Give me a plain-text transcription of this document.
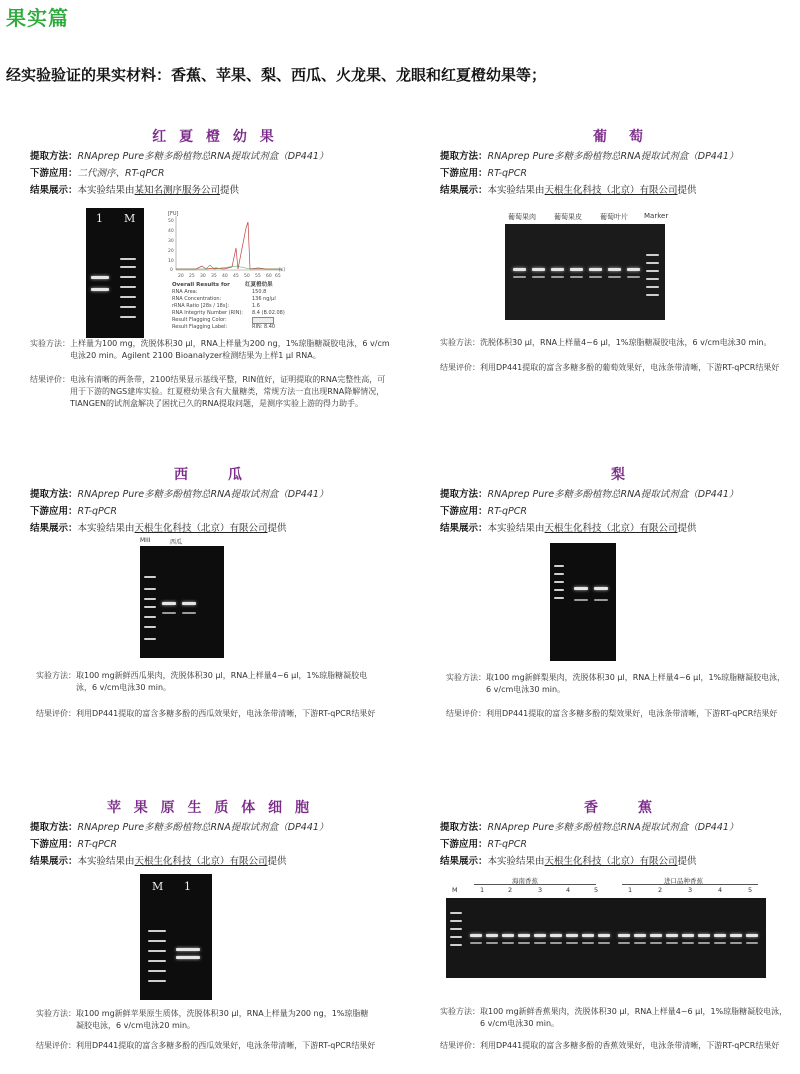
果实篇
经实验验证的果实材料：香蕉、苹果、梨、西瓜、火龙果、龙眼和红夏橙幼果等；
红 夏 橙 幼 果
提取方法：RNAprep Pure多糖多酚植物总RNA提取试剂盒（DP441）
下游应用：二代测序、RT-qPCR
结果展示：本实验结果由某知名测序服务公司提供
1 M	[FU]
50
40
30
20
10
0
20 25 30 35 40 45 50 55 60 65
[s]
Overall Results for	红夏橙幼果
RNA Area:	150.8
RNA Concentration:	136 ng/μl
rRNA Ratio [28s / 18s]:	1.6
RNA Integrity Number (RIN): 8.4 (B.02.08)
Result Flagging Color:
Result Flagging Label:	RIN: 8.40
实验方法： 上样量为100 mg，洗脱体积30 μl，RNA上样量为200 ng，1%琼脂糖凝胶电泳，6 v/cm电泳20 min。Agilent 2100 Bioanalyzer检测结果为上样1 μl RNA。
结果评价： 电泳有清晰的两条带，2100结果显示基线平整，RIN值好，证明提取的RNA完整性高，可用于下游的NGS建库实验。红夏橙幼果含有大量糖类，常规方法一直出现RNA降解情况，TIANGEN的试剂盒解决了困扰已久的RNA提取问题，是测序实验上游的得力助手。
葡　萄
提取方法：RNAprep Pure多糖多酚植物总RNA提取试剂盒（DP441）
下游应用：RT-qPCR
结果展示：本实验结果由天根生化科技（北京）有限公司提供
葡萄果肉	葡萄果皮	葡萄叶片 Marker
实验方法： 洗脱体积30 μl，RNA上样量4~6 μl，1%琼脂糖凝胶电泳，6 v/cm电泳30 min。
结果评价： 利用DP441提取的富含多糖多酚的葡萄效果好，电泳条带清晰，下游RT-qPCR结果好
西　　瓜
提取方法：RNAprep Pure多糖多酚植物总RNA提取试剂盒（DP441）
下游应用：RT-qPCR
结果展示：本实验结果由天根生化科技（北京）有限公司提供
MIII	西瓜
实验方法： 取100 mg新鲜西瓜果肉，洗脱体积30 μl，RNA上样量4~6 μl，1%琼脂糖凝胶电泳，6 v/cm电泳30 min。
结果评价： 利用DP441提取的富含多糖多酚的西瓜效果好，电泳条带清晰，下游RT-qPCR结果好
梨
提取方法：RNAprep Pure多糖多酚植物总RNA提取试剂盒（DP441）
下游应用：RT-qPCR
结果展示：本实验结果由天根生化科技（北京）有限公司提供
实验方法： 取100 mg新鲜梨果肉，洗脱体积30 μl，RNA上样量4~6 μl，1%琼脂糖凝胶电泳，6 v/cm电泳30 min。
结果评价： 利用DP441提取的富含多糖多酚的梨效果好，电泳条带清晰，下游RT-qPCR结果好
苹 果 原 生 质 体 细 胞
提取方法：RNAprep Pure多糖多酚植物总RNA提取试剂盒（DP441）
下游应用：RT-qPCR
结果展示：本实验结果由天根生化科技（北京）有限公司提供
M 1
实验方法： 取100 mg新鲜苹果原生质体，洗脱体积30 μl，RNA上样量为200 ng，1%琼脂糖凝胶电泳，6 v/cm电泳20 min。
结果评价： 利用DP441提取的富含多糖多酚的西瓜效果好，电泳条带清晰，下游RT-qPCR结果好
香　　蕉
提取方法：RNAprep Pure多糖多酚植物总RNA提取试剂盒（DP441）
下游应用：RT-qPCR
结果展示：本实验结果由天根生化科技（北京）有限公司提供
海南香蕉	进口品种香蕉
M	1	2	3	4	5	1	2	3	4	5
实验方法： 取100 mg新鲜香蕉果肉，洗脱体积30 μl，RNA上样量4~6 μl，1%琼脂糖凝胶电泳，6 v/cm电泳30 min。
结果评价： 利用DP441提取的富含多糖多酚的香蕉效果好，电泳条带清晰，下游RT-qPCR结果好
